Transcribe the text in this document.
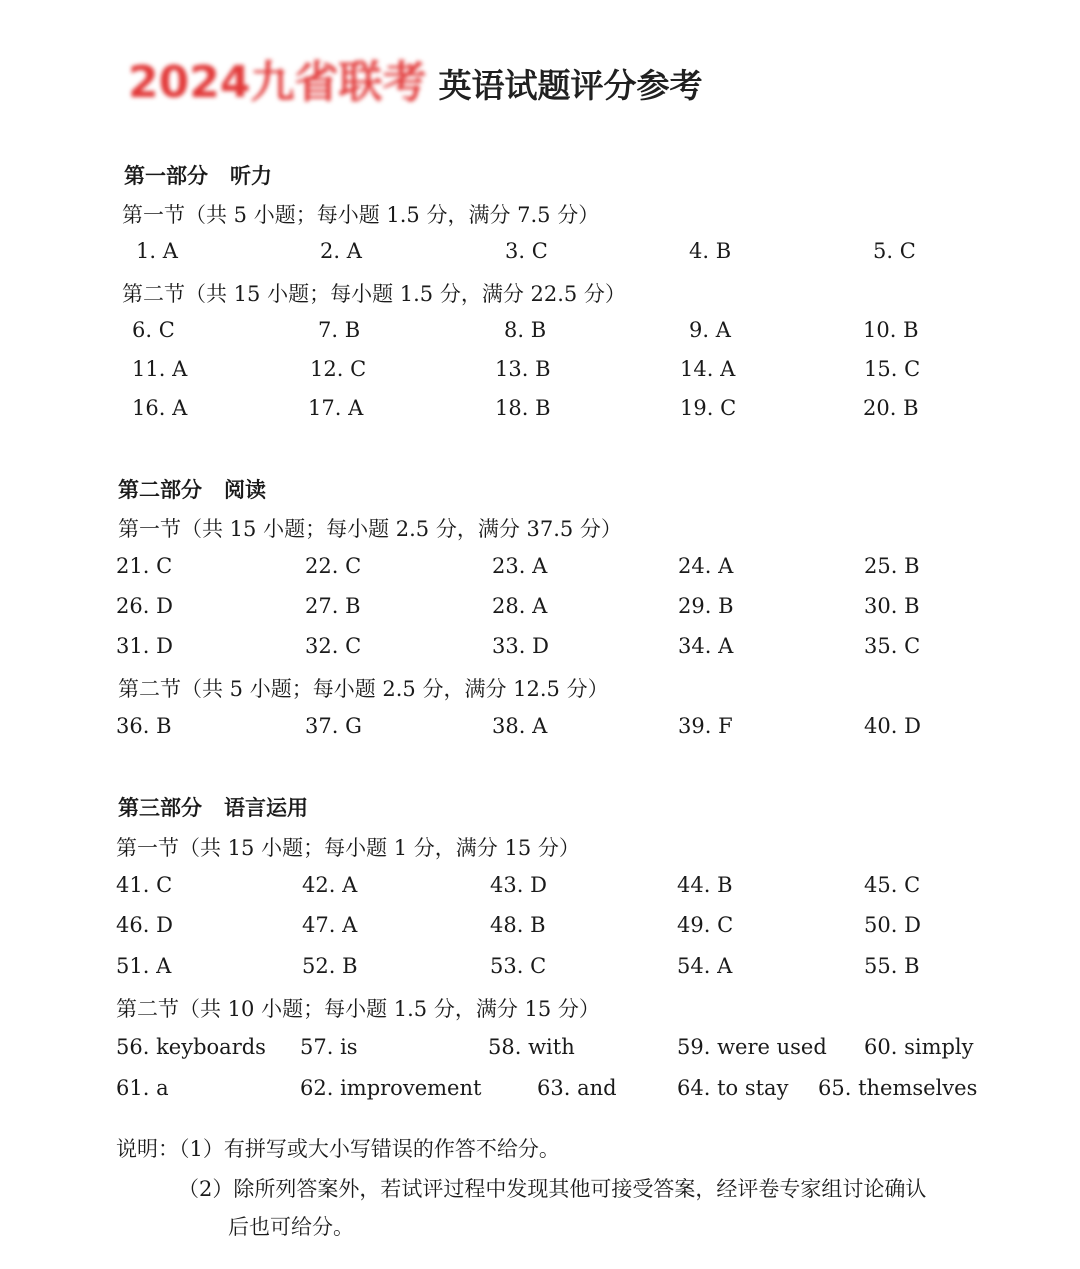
2024九省联考 英语试题评分参考
第一部分 听力
第一节（共 5 小题；每小题 1.5 分，满分 7.5 分）
1. A	2. A	3. C	4. B	5. C
第二节（共 15 小题；每小题 1.5 分，满分 22.5 分）
6. C	7. B	8. B	9. A	10. B
11. A	12. C	13. B	14. A	15. C
16. A	17. A	18. B	19. C	20. B
第二部分 阅读
第一节（共 15 小题；每小题 2.5 分，满分 37.5 分）
21. C	22. C	23. A	24. A	25. B
26. D	27. B	28. A	29. B	30. B
31. D	32. C	33. D	34. A	35. C
第二节（共 5 小题；每小题 2.5 分，满分 12.5 分）
36. B	37. G	38. A	39. F	40. D
第三部分 语言运用
第一节（共 15 小题；每小题 1 分，满分 15 分）
41. C	42. A	43. D	44. B	45. C
46. D	47. A	48. B	49. C	50. D
51. A	52. B	53. C	54. A	55. B
第二节（共 10 小题；每小题 1.5 分，满分 15 分）
56. keyboards 57. is	58. with	59. were used 60. simply
61. a	62. improvement	63. and	64. to stay 65. themselves
说明：（1）有拼写或大小写错误的作答不给分。
（2）除所列答案外，若试评过程中发现其他可接受答案，经评卷专家组讨论确认
后也可给分。
